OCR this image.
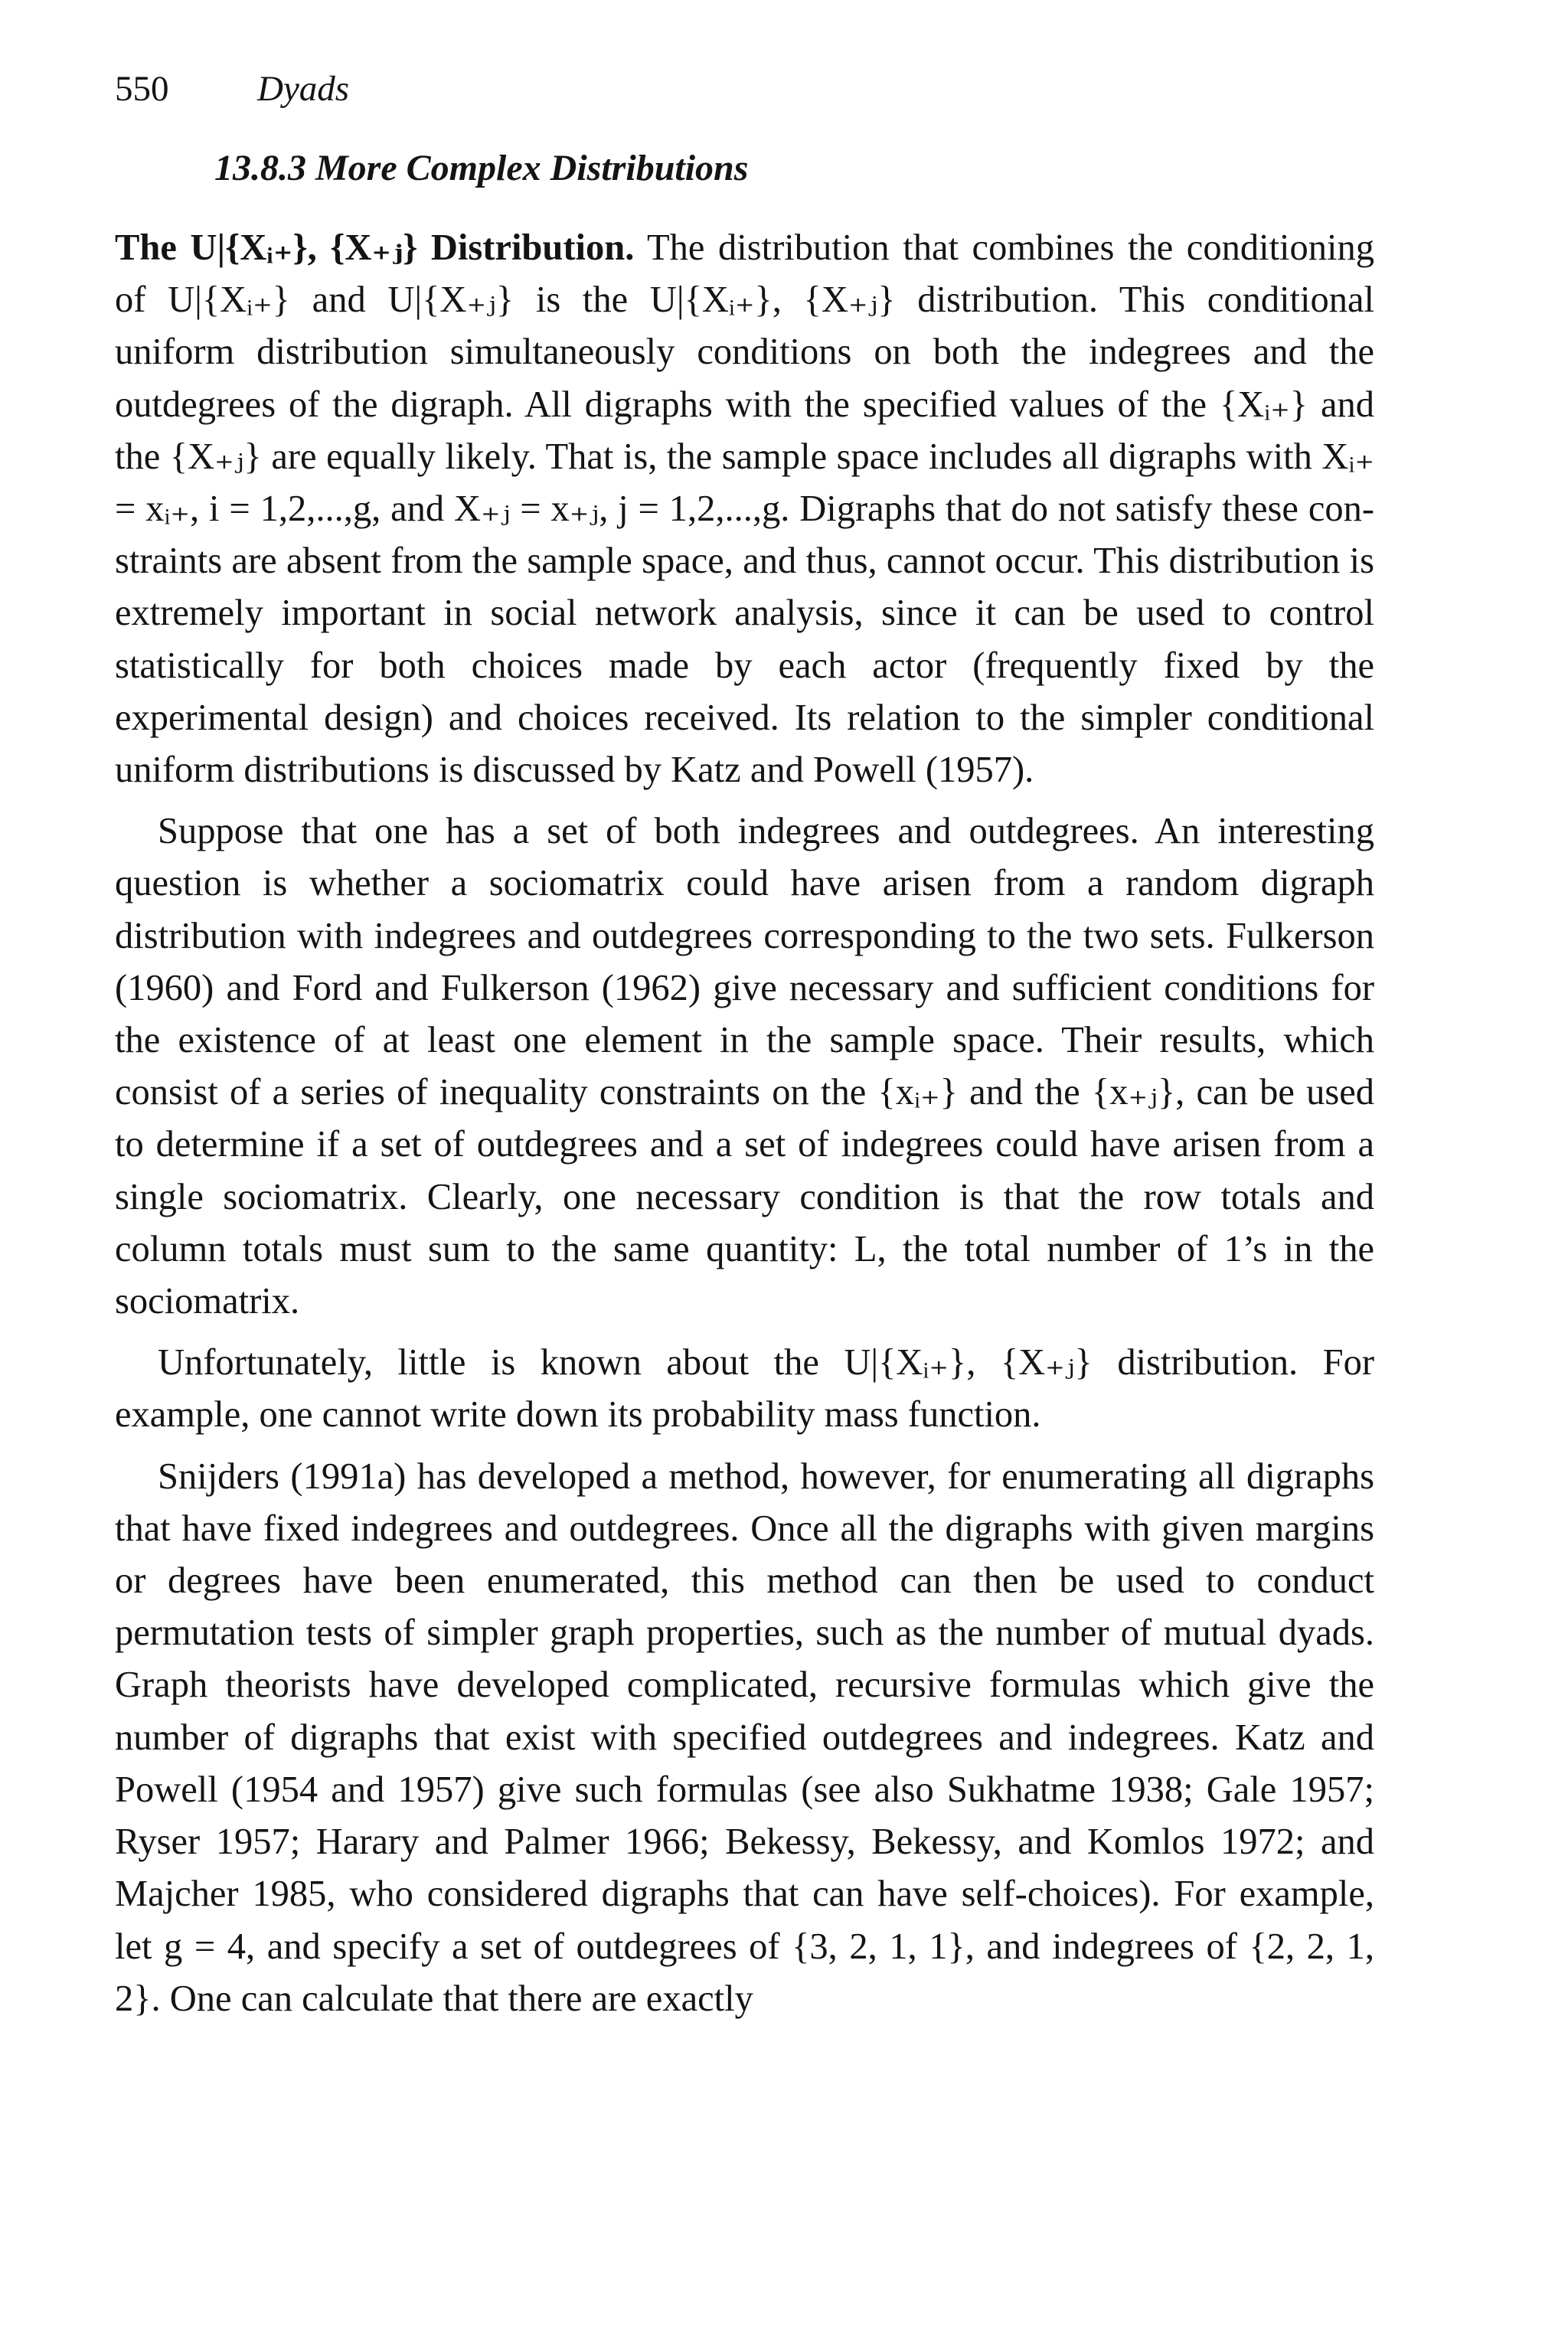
550 Dyads
13.8.3 More Complex Distributions

The U|{Xᵢ₊}, {X₊ⱼ} Distribution. The distribution that combines the conditioning of U|{Xᵢ₊} and U|{X₊ⱼ} is the U|{Xᵢ₊}, {X₊ⱼ} distribution. This conditional uniform distribution simultaneously conditions on both the indegrees and the outdegrees of the digraph. All digraphs with the specified values of the {Xᵢ₊} and the {X₊ⱼ} are equally likely. That is, the sample space includes all digraphs with Xᵢ₊ = xᵢ₊, i = 1,2,...,g, and X₊ⱼ = x₊ⱼ, j = 1,2,...,g. Digraphs that do not satisfy these constraints are absent from the sample space, and thus, cannot occur. This distribution is extremely important in social network analysis, since it can be used to control statistically for both choices made by each actor (frequently fixed by the experimental design) and choices received. Its relation to the simpler conditional uniform distributions is discussed by Katz and Powell (1957).

Suppose that one has a set of both indegrees and outdegrees. An interesting question is whether a sociomatrix could have arisen from a random digraph distribution with indegrees and outdegrees corresponding to the two sets. Fulkerson (1960) and Ford and Fulkerson (1962) give necessary and sufficient conditions for the existence of at least one element in the sample space. Their results, which consist of a series of inequality constraints on the {xᵢ₊} and the {x₊ⱼ}, can be used to determine if a set of outdegrees and a set of indegrees could have arisen from a single sociomatrix. Clearly, one necessary condition is that the row totals and column totals must sum to the same quantity: L, the total number of 1’s in the sociomatrix.

Unfortunately, little is known about the U|{Xᵢ₊}, {X₊ⱼ} distribution. For example, one cannot write down its probability mass function.

Snijders (1991a) has developed a method, however, for enumerating all digraphs that have fixed indegrees and outdegrees. Once all the digraphs with given margins or degrees have been enumerated, this method can then be used to conduct permutation tests of simpler graph properties, such as the number of mutual dyads. Graph theorists have developed complicated, recursive formulas which give the number of digraphs that exist with specified outdegrees and indegrees. Katz and Powell (1954 and 1957) give such formulas (see also Sukhatme 1938; Gale 1957; Ryser 1957; Harary and Palmer 1966; Bekessy, Bekessy, and Komlos 1972; and Majcher 1985, who considered digraphs that can have self-choices). For example, let g = 4, and specify a set of outdegrees of {3, 2, 1, 1}, and indegrees of {2, 2, 1, 2}. One can calculate that there are exactly
